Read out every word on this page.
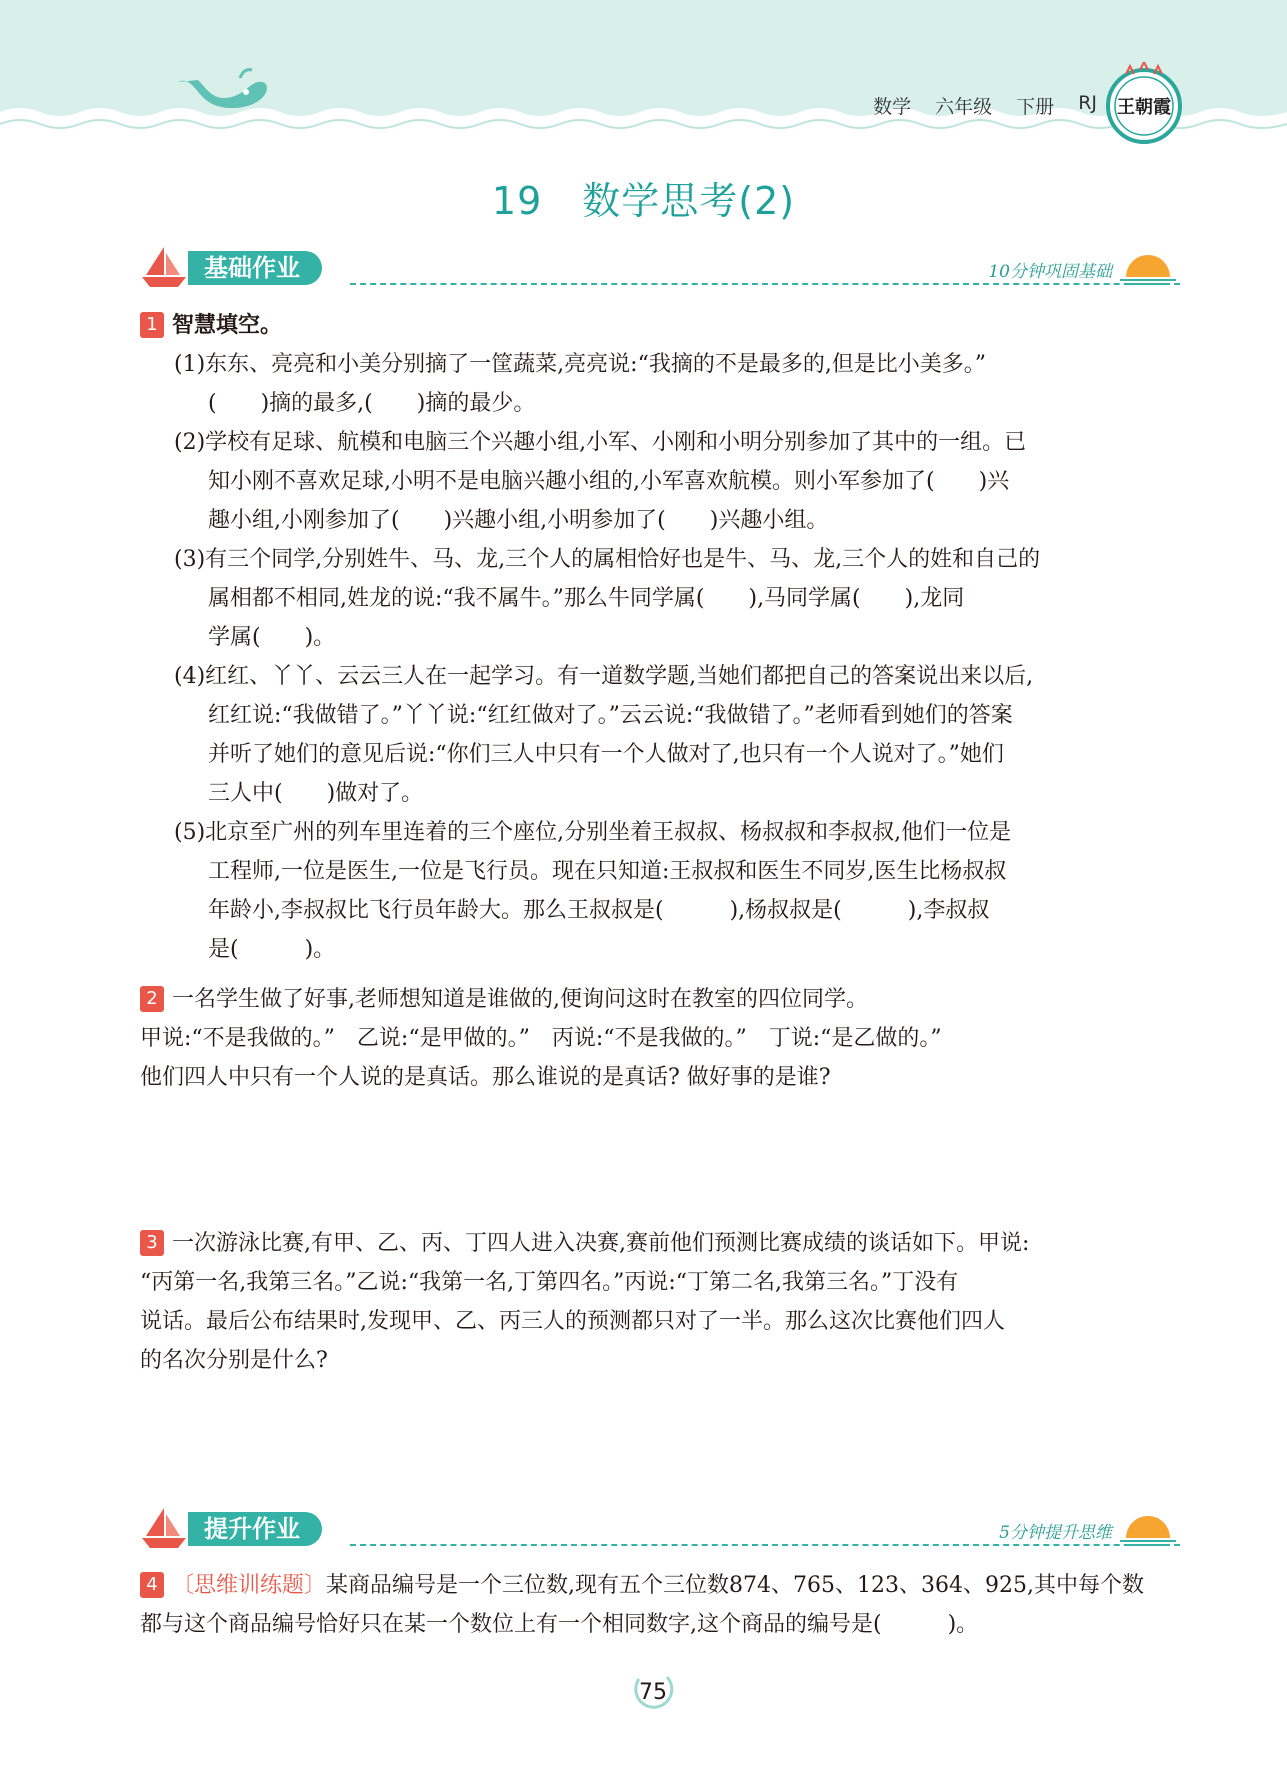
数学 六年级 下册 RJ 王朝霞
19 数学思考(2)
基础作业	10分钟巩固基础
1 智慧填空。
(1)东东、亮亮和小美分别摘了一筐蔬菜,亮亮说:“我摘的不是最多的,但是比小美多。”
(　　)摘的最多,(　　)摘的最少。
(2)学校有足球、航模和电脑三个兴趣小组,小军、小刚和小明分别参加了其中的一组。已
知小刚不喜欢足球,小明不是电脑兴趣小组的,小军喜欢航模。则小军参加了(　　)兴
趣小组,小刚参加了(　　)兴趣小组,小明参加了(　　)兴趣小组。
(3)有三个同学,分别姓牛、马、龙,三个人的属相恰好也是牛、马、龙,三个人的姓和自己的
属相都不相同,姓龙的说:“我不属牛。”那么牛同学属(　　),马同学属(　　),龙同
学属(　　)。
(4)红红、丫丫、云云三人在一起学习。有一道数学题,当她们都把自己的答案说出来以后,
红红说:“我做错了。”丫丫说:“红红做对了。”云云说:“我做错了。”老师看到她们的答案
并听了她们的意见后说:“你们三人中只有一个人做对了,也只有一个人说对了。”她们
三人中(　　)做对了。
(5)北京至广州的列车里连着的三个座位,分别坐着王叔叔、杨叔叔和李叔叔,他们一位是
工程师,一位是医生,一位是飞行员。现在只知道:王叔叔和医生不同岁,医生比杨叔叔
年龄小,李叔叔比飞行员年龄大。那么王叔叔是(　　　),杨叔叔是(　　　),李叔叔
是(　　　)。
2 一名学生做了好事,老师想知道是谁做的,便询问这时在教室的四位同学。
甲说:“不是我做的。”　乙说:“是甲做的。”　丙说:“不是我做的。”　丁说:“是乙做的。”
他们四人中只有一个人说的是真话。那么谁说的是真话? 做好事的是谁?
3 一次游泳比赛,有甲、乙、丙、丁四人进入决赛,赛前他们预测比赛成绩的谈话如下。甲说:
“丙第一名,我第三名。”乙说:“我第一名,丁第四名。”丙说:“丁第二名,我第三名。”丁没有
说话。最后公布结果时,发现甲、乙、丙三人的预测都只对了一半。那么这次比赛他们四人
的名次分别是什么?
提升作业	5分钟提升思维
4 〔思维训练题〕某商品编号是一个三位数,现有五个三位数874、765、123、364、925,其中每个数
都与这个商品编号恰好只在某一个数位上有一个相同数字,这个商品的编号是(　　　)。
75
